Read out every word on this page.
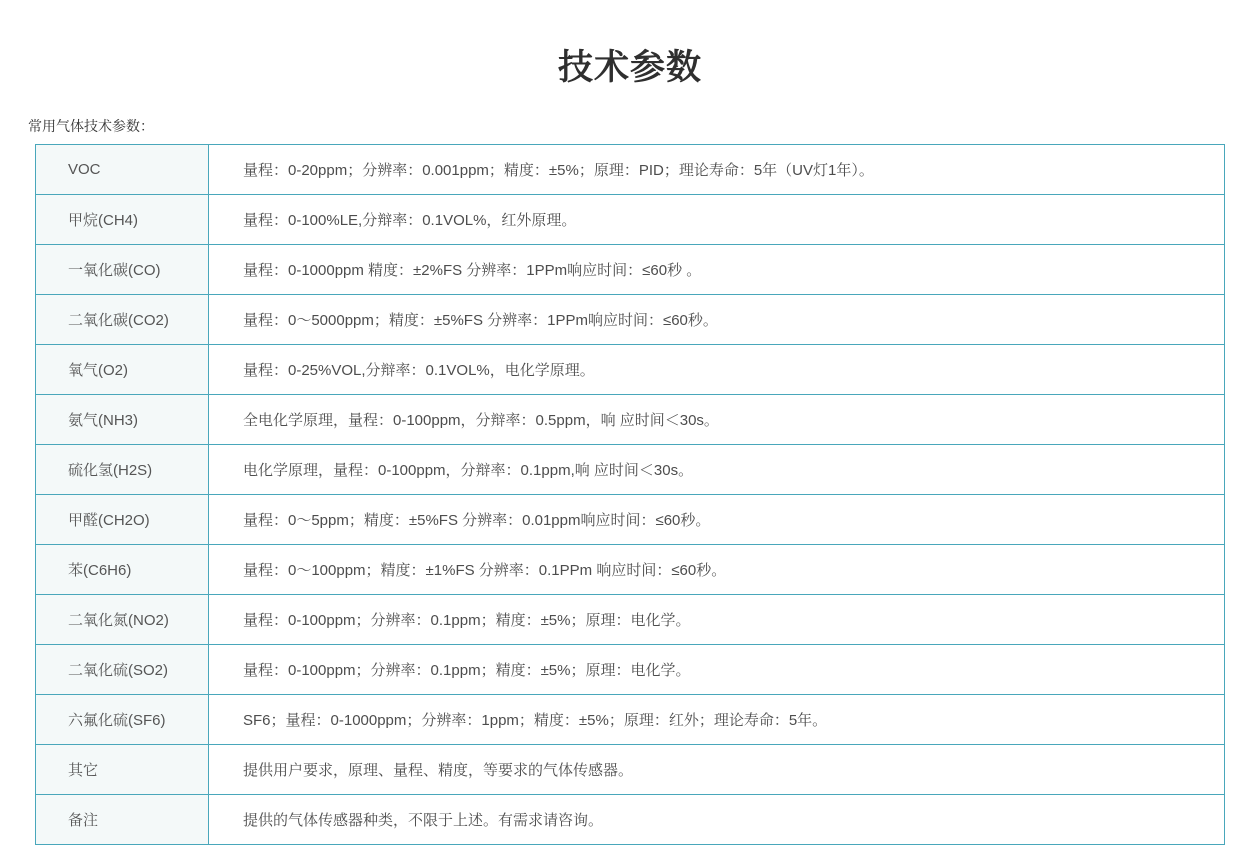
技术参数
常用气体技术参数：
VOC	量程：0-20ppm；分辨率：0.001ppm；精度：±5%；原理：PID；理论寿命：5年（UV灯1年）。
甲烷(CH4)	量程：0-100%LE,分辩率：0.1VOL%，红外原理。
一氧化碳(CO)	量程：0-1000ppm 精度：±2%FS 分辨率：1PPm响应时间：≤60秒 。
二氧化碳(CO2)	量程：0～5000ppm；精度：±5%FS 分辨率：1PPm响应时间：≤60秒。
氧气(O2)	量程：0-25%VOL,分辩率：0.1VOL%，电化学原理。
氨气(NH3)	全电化学原理，量程：0-100ppm，分辩率：0.5ppm，响 应时间＜30s。
硫化氢(H2S)	电化学原理，量程：0-100ppm，分辩率：0.1ppm,响 应时间＜30s。
甲醛(CH2O)	量程：0～5ppm；精度：±5%FS 分辨率：0.01ppm响应时间：≤60秒。
苯(C6H6)	量程：0～100ppm；精度：±1%FS 分辨率：0.1PPm 响应时间：≤60秒。
二氧化氮(NO2)	量程：0-100ppm；分辨率：0.1ppm；精度：±5%；原理：电化学。
二氧化硫(SO2)	量程：0-100ppm；分辨率：0.1ppm；精度：±5%；原理：电化学。
六氟化硫(SF6)	SF6；量程：0-1000ppm；分辨率：1ppm；精度：±5%；原理：红外；理论寿命：5年。
其它	提供用户要求，原理、量程、精度，等要求的气体传感器。
备注	提供的气体传感器种类，不限于上述。有需求请咨询。
